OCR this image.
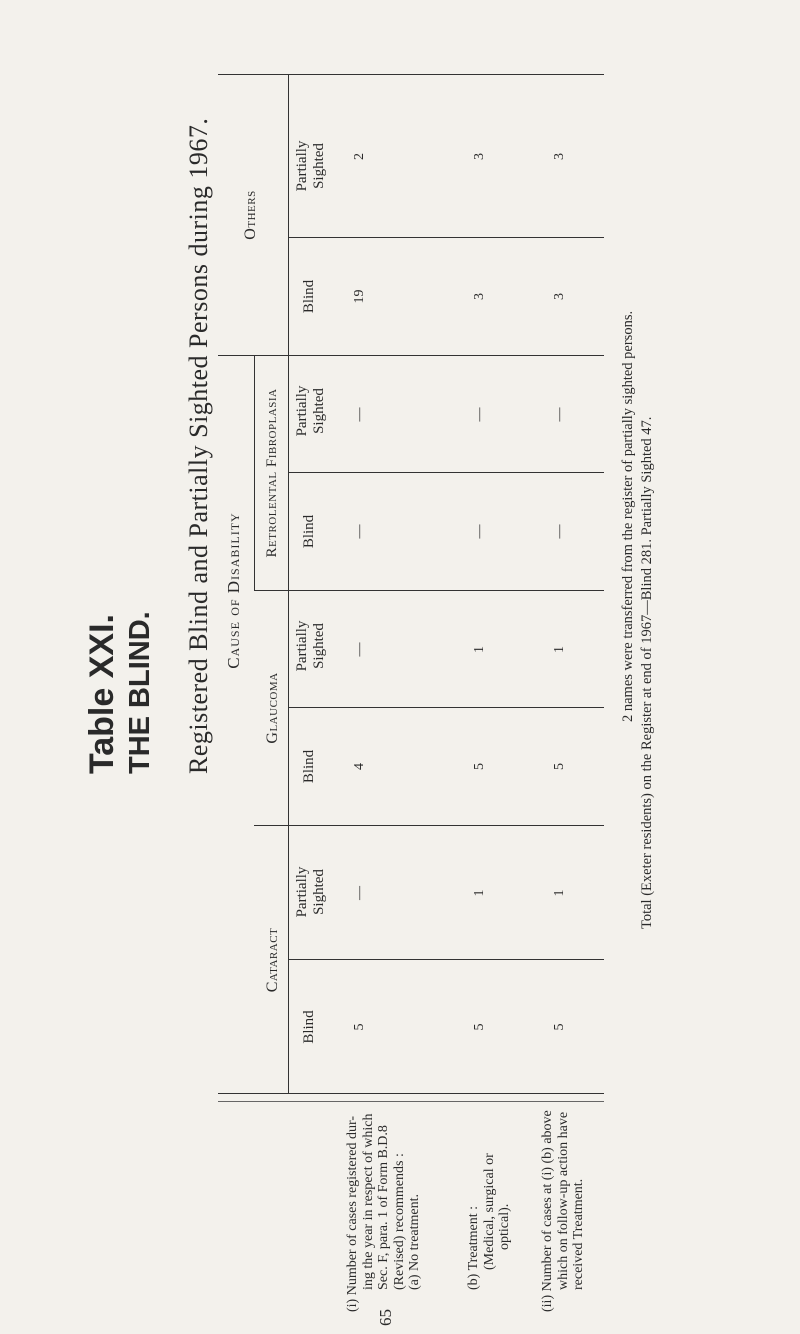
Table XXI. THE BLIND. Registered Blind and Partially Sighted Persons during 1967. Cause of Disability
Cataract
Glaucoma
Retrolental Fibroplasia
Others
Blind
Partially Sighted
Blind
Partially Sighted
Blind
Partially Sighted
Blind
Partially Sighted
5
—
4
—
—
—
19
2
5
1
5
1
—
—
3
3
5
1
5
1
—
—
3
3
(i) Number of cases registered dur- ing the year in respect of which Sec. F, para. 1 of Form B.D.8 (Revised) recommends : (a) No treatment.	(b) Treatment : (Medical, surgical or optical). (ii) Number of cases at (i) (b) above which on follow-up action have received Treatment.
2 names were transferred from the register of partially sighted persons. Total (Exeter residents) on the Register at end of 1967—Blind 281. Partially Sighted 47.
65
